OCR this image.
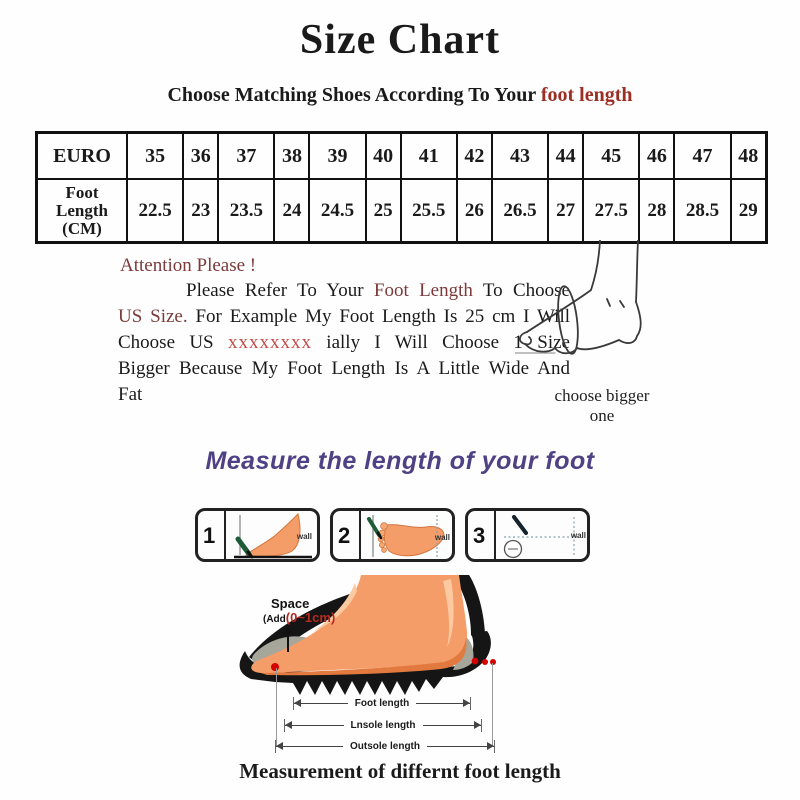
Size Chart
Choose Matching Shoes According To Your foot length
EURO	35	36	37	38	39	40	41	42	43	44	45	46	47	48

Foot
Length
(CM)	22.5	23	23.5	24	24.5	25	25.5	26	26.5	27	27.5	28	28.5	29
Attention Please !

Please Refer To Your Foot Length To Choose US Size. For Example My Foot Length Is 25 cm I Will Choose US xxxxxxxx ially I Will Choose 1 Size Bigger Because My Foot Length Is A Little Wide And Fat	choose bigger one
Measure the length of your foot
1	wall 2	wall 3	wall
Space
(Add(0~1cm)
Foot length
Lnsole length
Outsole length
Measurement of differnt foot length
